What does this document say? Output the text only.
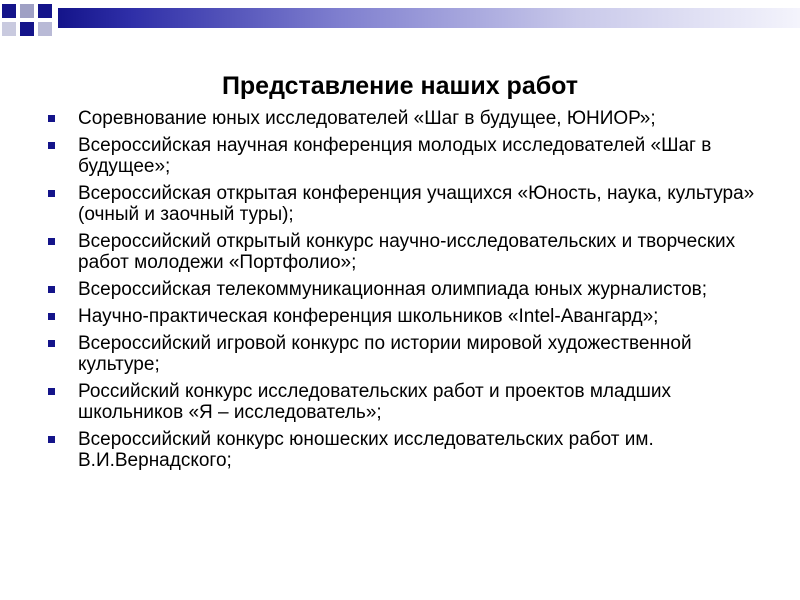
Представление наших работ
Соревнование юных исследователей «Шаг в будущее, ЮНИОР»;
Всероссийская научная конференция молодых исследователей «Шаг в будущее»;
Всероссийская открытая конференция учащихся «Юность, наука, культура» (очный и заочный туры);
Всероссийский открытый конкурс научно-исследовательских и творческих работ молодежи «Портфолио»;
Всероссийская телекоммуникационная олимпиада юных журналистов;
Научно-практическая конференция школьников «Intel-Авангард»;
Всероссийский игровой конкурс по истории мировой художественной культуре;
Российский конкурс исследовательских работ и проектов младших школьников «Я – исследователь»;
Всероссийский конкурс юношеских исследовательских работ им. В.И.Вернадского;
